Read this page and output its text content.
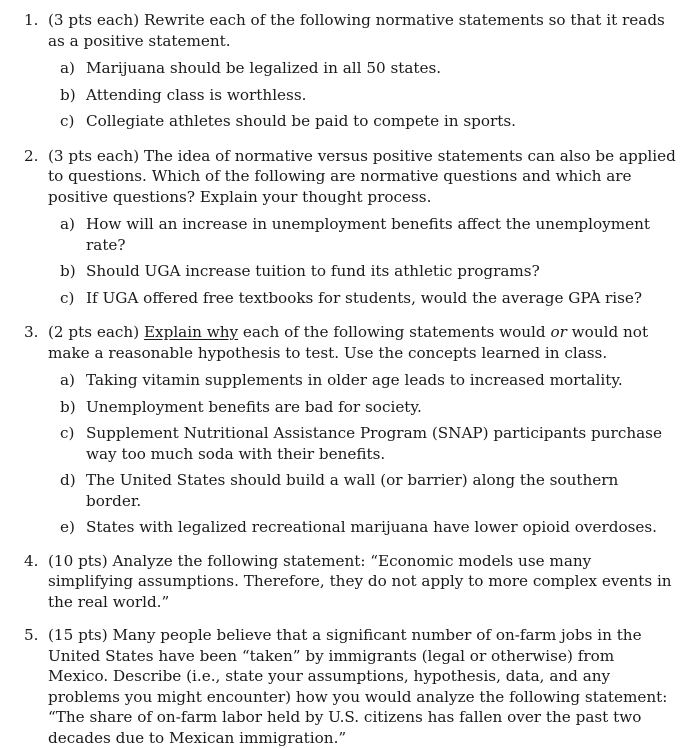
1. (3 pts each) Rewrite each of the following normative statements so that it reads as a positive statement.
a) Marijuana should be legalized in all 50 states.
b) Attending class is worthless.
c) Collegiate athletes should be paid to compete in sports.
2. (3 pts each) The idea of normative versus positive statements can also be applied to questions. Which of the following are normative questions and which are positive questions? Explain your thought process.
a) How will an increase in unemployment benefits affect the unemployment rate?
b) Should UGA increase tuition to fund its athletic programs?
c) If UGA offered free textbooks for students, would the average GPA rise?
3. (2 pts each) Explain why each of the following statements would or would not make a reasonable hypothesis to test. Use the concepts learned in class.
a) Taking vitamin supplements in older age leads to increased mortality.
b) Unemployment benefits are bad for society.
c) Supplement Nutritional Assistance Program (SNAP) participants purchase way too much soda with their benefits.
d) The United States should build a wall (or barrier) along the southern border.
e) States with legalized recreational marijuana have lower opioid overdoses.
4. (10 pts) Analyze the following statement: “Economic models use many simplifying assumptions. Therefore, they do not apply to more complex events in the real world.”
5. (15 pts) Many people believe that a significant number of on-farm jobs in the United States have been “taken” by immigrants (legal or otherwise) from Mexico. Describe (i.e., state your assumptions, hypothesis, data, and any problems you might encounter) how you would analyze the following statement: “The share of on-farm labor held by U.S. citizens has fallen over the past two decades due to Mexican immigration.”
